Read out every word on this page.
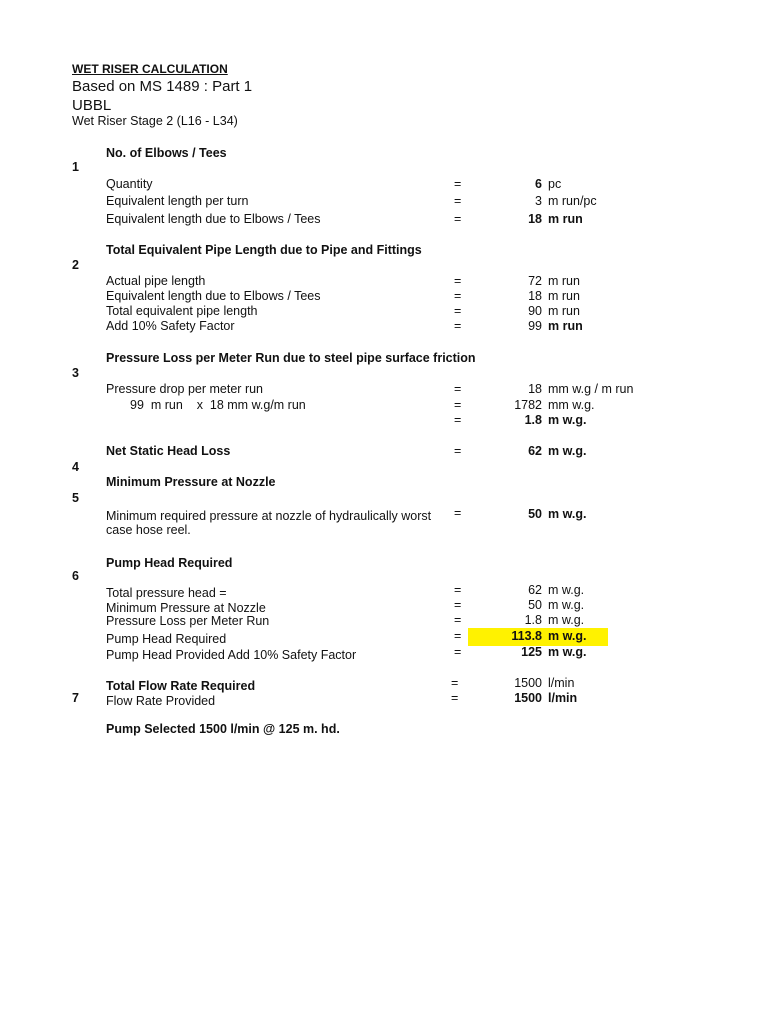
WET RISER CALCULATION
Based on MS 1489 : Part 1
UBBL
Wet Riser Stage 2 (L16 - L34)
No. of Elbows / Tees
1
Quantity	=	6 pc
Equivalent length per turn	=	3 m run/pc
Equivalent length due to Elbows / Tees	=	18 m run
Total Equivalent Pipe Length due to Pipe and Fittings
2
Actual pipe length	=	72 m run
Equivalent length due to Elbows / Tees	=	18 m run
Total equivalent pipe length	=	90 m run
Add 10% Safety Factor	=	99 m run
Pressure Loss per Meter Run due to steel pipe surface friction
3
Pressure drop per meter run	=	18 mm w.g / m run
99  m run    x  18 mm w.g/m run	=	1782 mm w.g.
=	1.8 m w.g.
Net Static Head Loss	=	62 m w.g.
4
Minimum Pressure at Nozzle
5
Minimum required pressure at nozzle of hydraulically worst
case hose reel.
=	50 m w.g.
Pump Head Required
6
Total pressure head =	=	62 m w.g.
Minimum Pressure at Nozzle	=	50 m w.g.
Pressure Loss per Meter Run	=	1.8 m w.g.
Pump Head Required	=	113.8 m w.g.
Pump Head Provided Add 10% Safety Factor	=	125 m w.g.
Total Flow Rate Required	=	1500 l/min
7 Flow Rate Provided	=	1500 l/min
Pump Selected 1500 l/min @ 125 m. hd.
